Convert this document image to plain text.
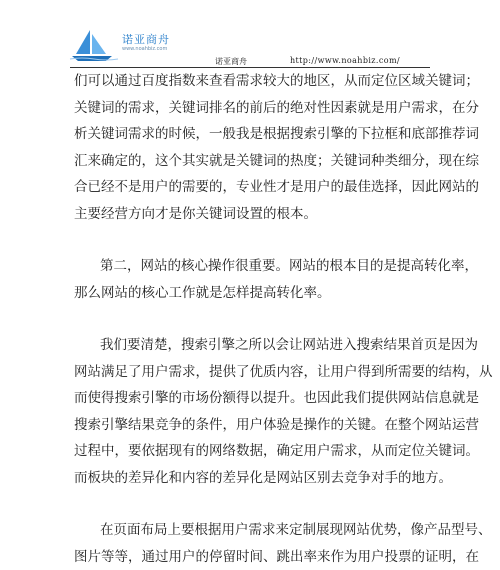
诺亚商舟
www.noahbiz.com
诺亚商舟	http://www.noahbiz.com/
们可以通过百度指数来查看需求较大的地区，从而定位区域关键词；
关键词的需求，关键词排名的前后的绝对性因素就是用户需求，在分
析关键词需求的时候，一般我是根据搜索引擎的下拉框和底部推荐词
汇来确定的，这个其实就是关键词的热度；关键词种类细分，现在综
合已经不是用户的需要的，专业性才是用户的最佳选择，因此网站的
主要经营方向才是你关键词设置的根本。
第二，网站的核心操作很重要。网站的根本目的是提高转化率，
那么网站的核心工作就是怎样提高转化率。
我们要清楚，搜索引擎之所以会让网站进入搜索结果首页是因为
网站满足了用户需求，提供了优质内容，让用户得到所需要的结构，从
而使得搜索引擎的市场份额得以提升。也因此我们提供网站信息就是
搜索引擎结果竞争的条件，用户体验是操作的关键。在整个网站运营
过程中，要依据现有的网络数据，确定用户需求，从而定位关键词。
而板块的差异化和内容的差异化是网站区别去竞争对手的地方。
在页面布局上要根据用户需求来定制展现网站优势，像产品型号、
图片等等，通过用户的停留时间、跳出率来作为用户投票的证明，在
